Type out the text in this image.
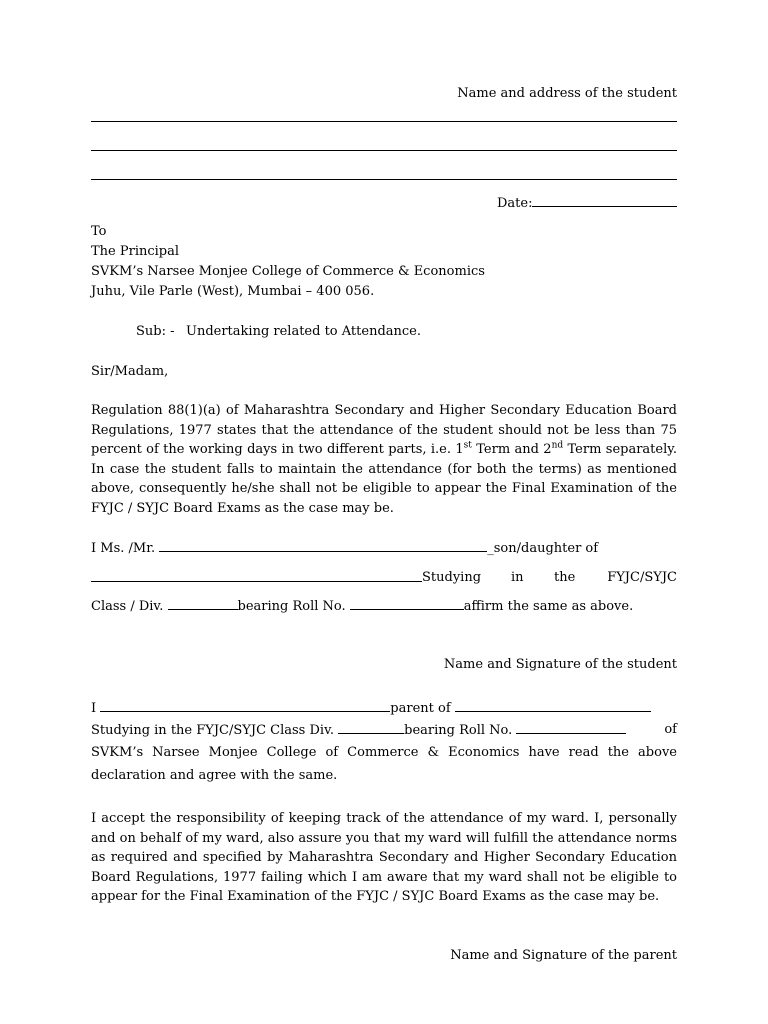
Name and address of the student
Date:
To
The Principal
SVKM’s Narsee Monjee College of Commerce & Economics
Juhu, Vile Parle (West), Mumbai – 400 056.
Sub: - Undertaking related to Attendance.
Sir/Madam,
Regulation 88(1)(a) of Maharashtra Secondary and Higher Secondary Education Board Regulations, 1977 states that the attendance of the student should not be less than 75 percent of the working days in two different parts, i.e. 1st Term and 2nd Term separately. In case the student falls to maintain the attendance (for both the terms) as mentioned above, consequently he/she shall not be eligible to appear the Final Examination of the FYJC / SYJC Board Exams as the case may be.
I Ms. /Mr.	_son/daughter of
Studying in the FYJC/SYJC
Class / Div.	bearing Roll No.	affirm the same as above.
Name and Signature of the student
I	parent of
Studying in the FYJC/SYJC Class Div.	bearing Roll No.	of
SVKM’s Narsee Monjee College of Commerce & Economics have read the above
declaration and agree with the same.
I accept the responsibility of keeping track of the attendance of my ward. I, personally and on behalf of my ward, also assure you that my ward will fulfill the attendance norms as required and specified by Maharashtra Secondary and Higher Secondary Education Board Regulations, 1977 failing which I am aware that my ward shall not be eligible to appear for the Final Examination of the FYJC / SYJC Board Exams as the case may be.
Name and Signature of the parent
